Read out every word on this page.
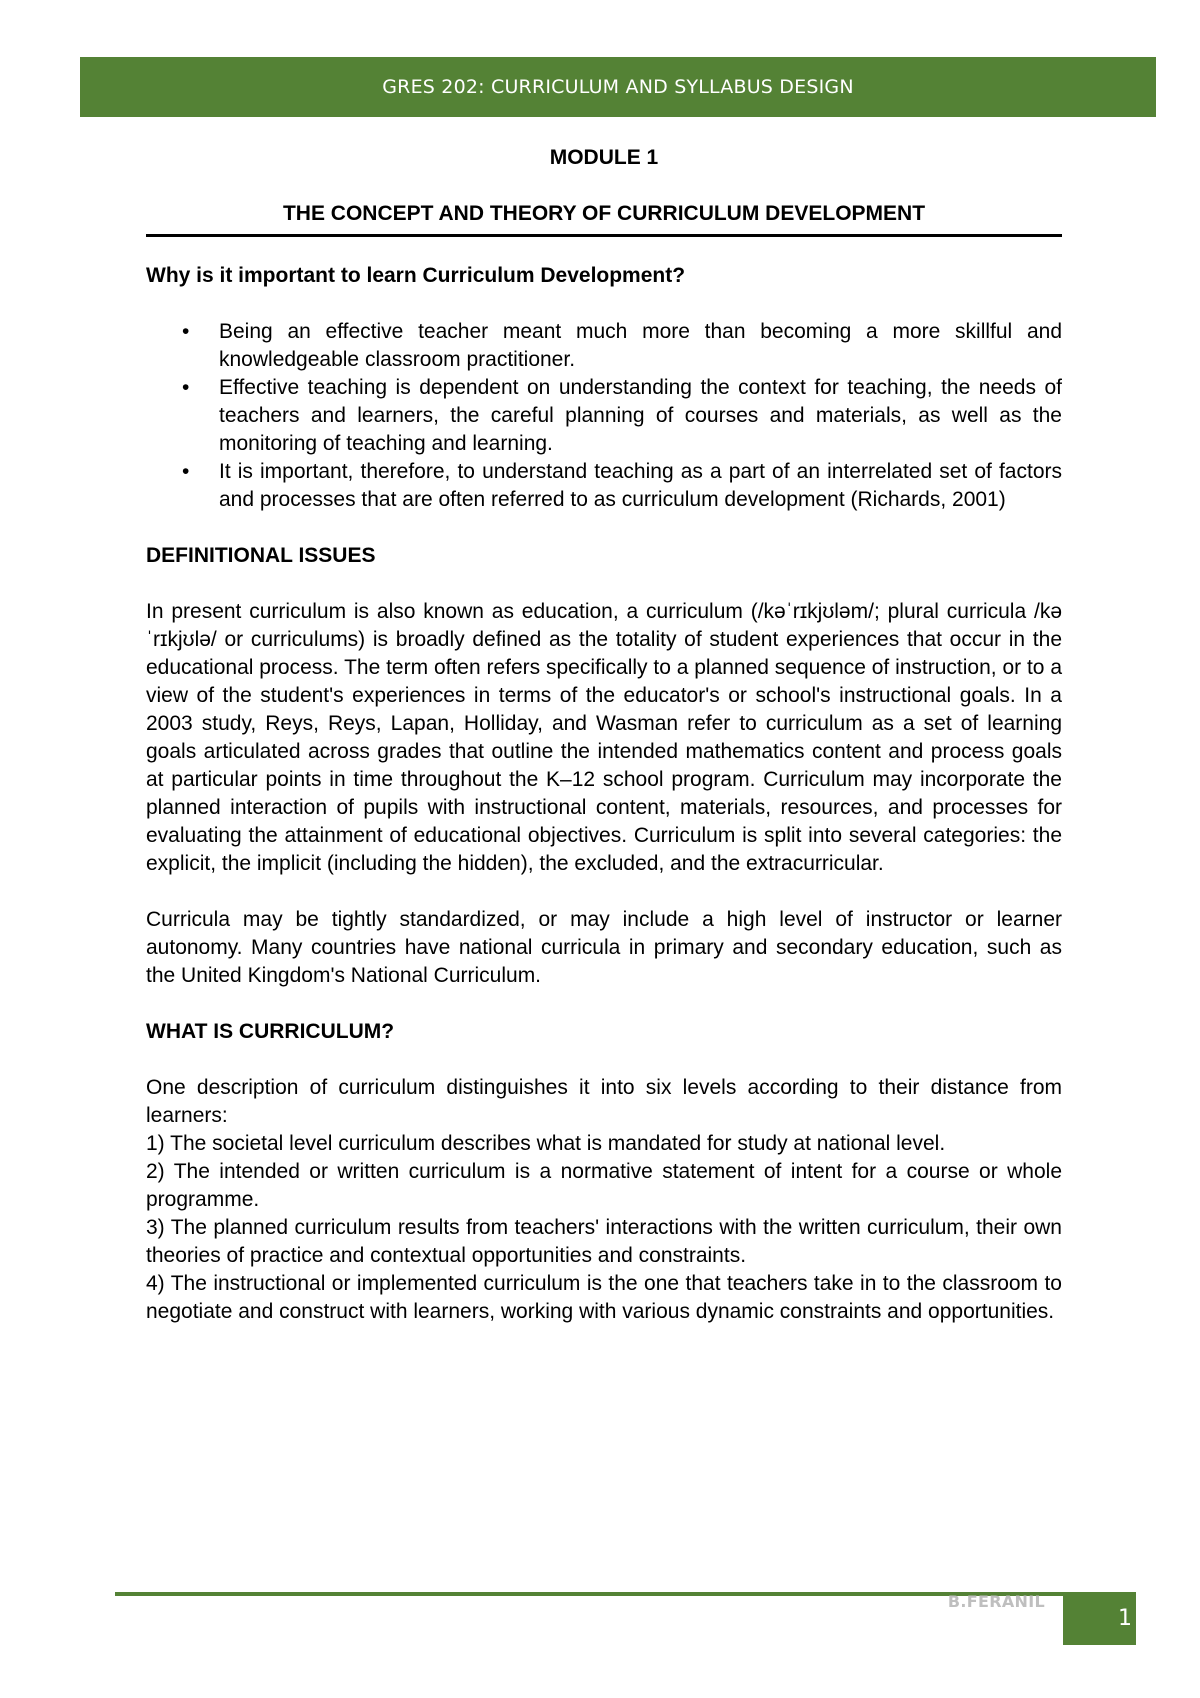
GRES 202: CURRICULUM AND SYLLABUS DESIGN

MODULE 1

THE CONCEPT AND THEORY OF CURRICULUM DEVELOPMENT

Why is it important to learn Curriculum Development?

• Being an effective teacher meant much more than becoming a more skillful and knowledgeable classroom practitioner.
• Effective teaching is dependent on understanding the context for teaching, the needs of teachers and learners, the careful planning of courses and materials, as well as the monitoring of teaching and learning.
• It is important, therefore, to understand teaching as a part of an interrelated set of factors and processes that are often referred to as curriculum development (Richards, 2001)

DEFINITIONAL ISSUES

In present curriculum is also known as education, a curriculum (/kəˈrɪkjʊləm/; plural curricula /kəˈrɪkjʊlə/ or curriculums) is broadly defined as the totality of student experiences that occur in the educational process. The term often refers specifically to a planned sequence of instruction, or to a view of the student's experiences in terms of the educator's or school's instructional goals. In a 2003 study, Reys, Reys, Lapan, Holliday, and Wasman refer to curriculum as a set of learning goals articulated across grades that outline the intended mathematics content and process goals at particular points in time throughout the K–12 school program. Curriculum may incorporate the planned interaction of pupils with instructional content, materials, resources, and processes for evaluating the attainment of educational objectives. Curriculum is split into several categories: the explicit, the implicit (including the hidden), the excluded, and the extracurricular.

Curricula may be tightly standardized, or may include a high level of instructor or learner autonomy. Many countries have national curricula in primary and secondary education, such as the United Kingdom's National Curriculum.

WHAT IS CURRICULUM?

One description of curriculum distinguishes it into six levels according to their distance from learners:

1) The societal level curriculum describes what is mandated for study at national level.
2) The intended or written curriculum is a normative statement of intent for a course or whole programme.
3) The planned curriculum results from teachers' interactions with the written curriculum, their own theories of practice and contextual opportunities and constraints.
4) The instructional or implemented curriculum is the one that teachers take in to the classroom to negotiate and construct with learners, working with various dynamic constraints and opportunities.
B.FERANIL
1
